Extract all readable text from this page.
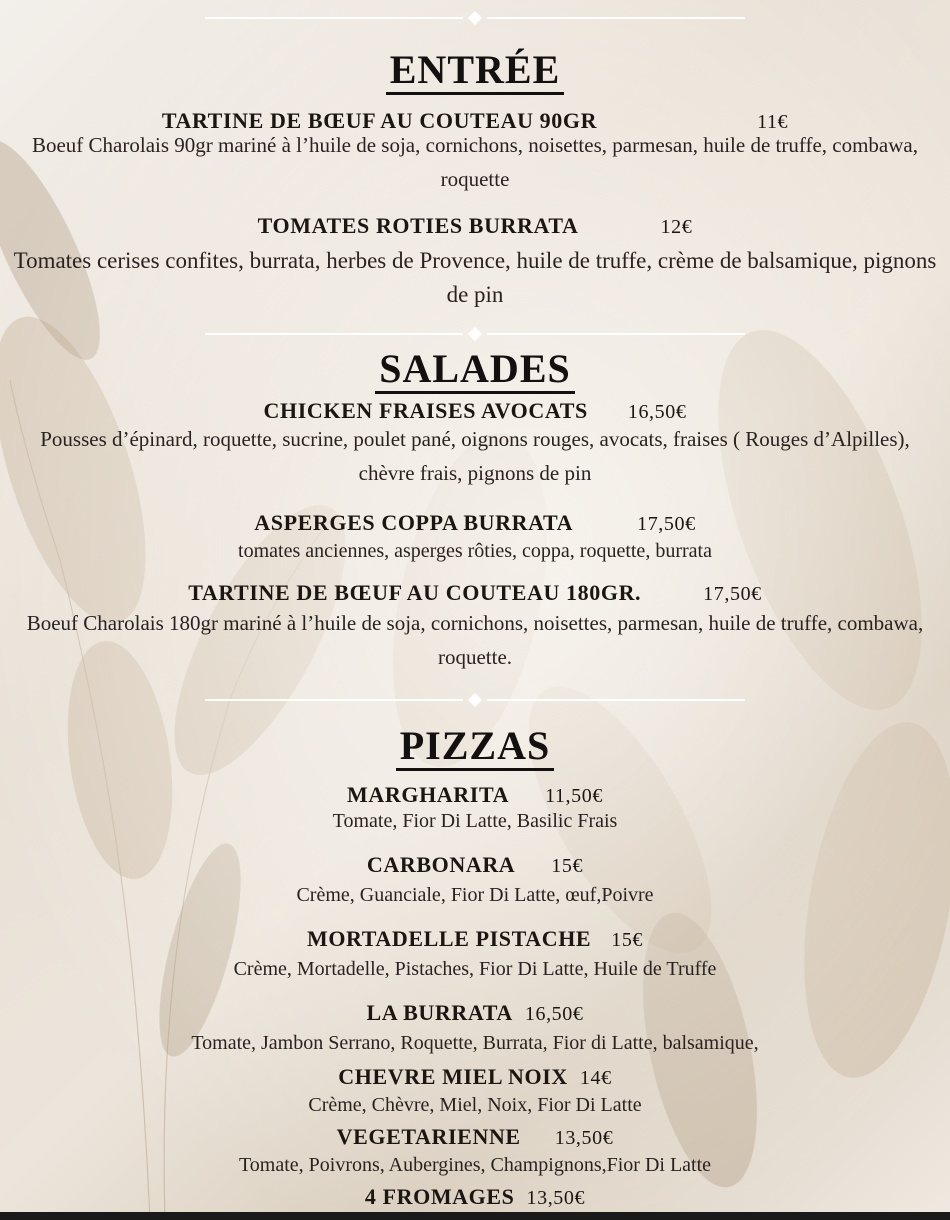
ENTRÉE
TARTINE DE BŒUF AU COUTEAU 90GR	11€
Boeuf Charolais 90gr mariné à l’huile de soja, cornichons, noisettes, parmesan, huile de truffe, combawa, roquette
TOMATES ROTIES BURRATA	12€
Tomates cerises confites, burrata, herbes de Provence, huile de truffe, crème de balsamique, pignons de pin
SALADES
CHICKEN FRAISES AVOCATS 16,50€
Pousses d’épinard, roquette, sucrine, poulet pané, oignons rouges, avocats, fraises ( Rouges d’Alpilles), chèvre frais, pignons de pin
ASPERGES COPPA BURRATA	17,50€
tomates anciennes, asperges rôties, coppa, roquette, burrata
TARTINE DE BŒUF AU COUTEAU 180GR.	17,50€
Boeuf Charolais 180gr mariné à l’huile de soja, cornichons, noisettes, parmesan, huile de truffe, combawa, roquette.
PIZZAS
MARGHARITA 11,50€
Tomate, Fior Di Latte, Basilic Frais
CARBONARA 15€
Crème, Guanciale, Fior Di Latte, œuf,Poivre
MORTADELLE PISTACHE 15€
Crème, Mortadelle, Pistaches, Fior Di Latte, Huile de Truffe
LA BURRATA 16,50€
Tomate, Jambon Serrano, Roquette, Burrata, Fior di Latte, balsamique,
CHEVRE MIEL NOIX 14€
Crème, Chèvre, Miel, Noix, Fior Di Latte
VEGETARIENNE 13,50€
Tomate, Poivrons, Aubergines, Champignons,Fior Di Latte
4 FROMAGES 13,50€
